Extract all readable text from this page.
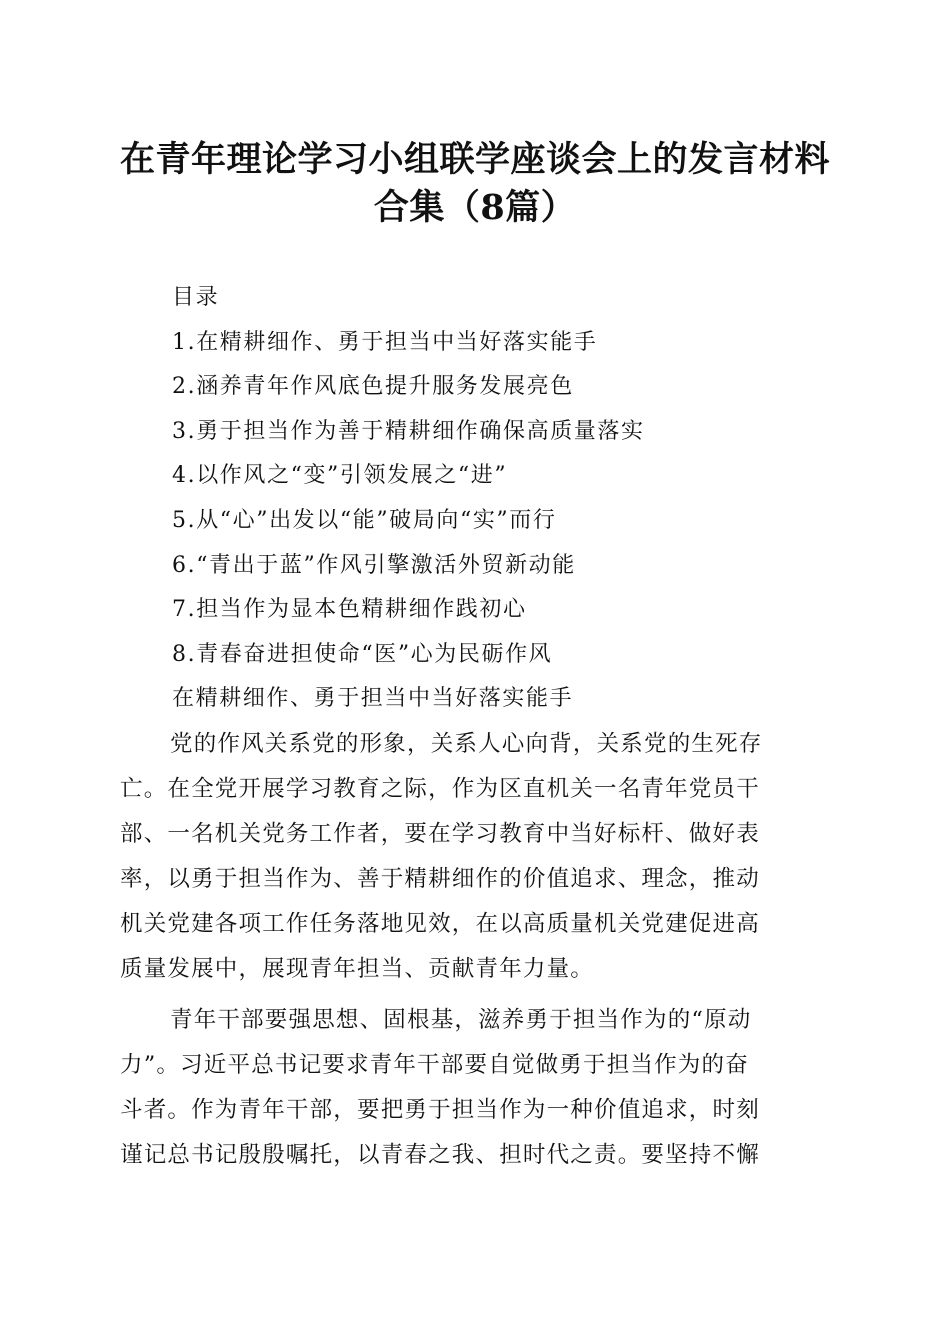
在青年理论学习小组联学座谈会上的发言材料
合集（8篇）
目录
1.在精耕细作、勇于担当中当好落实能手
2.涵养青年作风底色提升服务发展亮色
3.勇于担当作为善于精耕细作确保高质量落实
4.以作风之“变”引领发展之“进”
5.从“心”出发以“能”破局向“实”而行
6.“青出于蓝”作风引擎激活外贸新动能
7.担当作为显本色精耕细作践初心
8.青春奋进担使命“医”心为民砺作风
在精耕细作、勇于担当中当好落实能手
党的作风关系党的形象，关系人心向背，关系党的生死存
亡。在全党开展学习教育之际，作为区直机关一名青年党员干
部、一名机关党务工作者，要在学习教育中当好标杆、做好表
率，以勇于担当作为、善于精耕细作的价值追求、理念，推动
机关党建各项工作任务落地见效，在以高质量机关党建促进高
质量发展中，展现青年担当、贡献青年力量。
青年干部要强思想、固根基，滋养勇于担当作为的“原动
力”。习近平总书记要求青年干部要自觉做勇于担当作为的奋
斗者。作为青年干部，要把勇于担当作为一种价值追求，时刻
谨记总书记殷殷嘱托，以青春之我、担时代之责。要坚持不懈
